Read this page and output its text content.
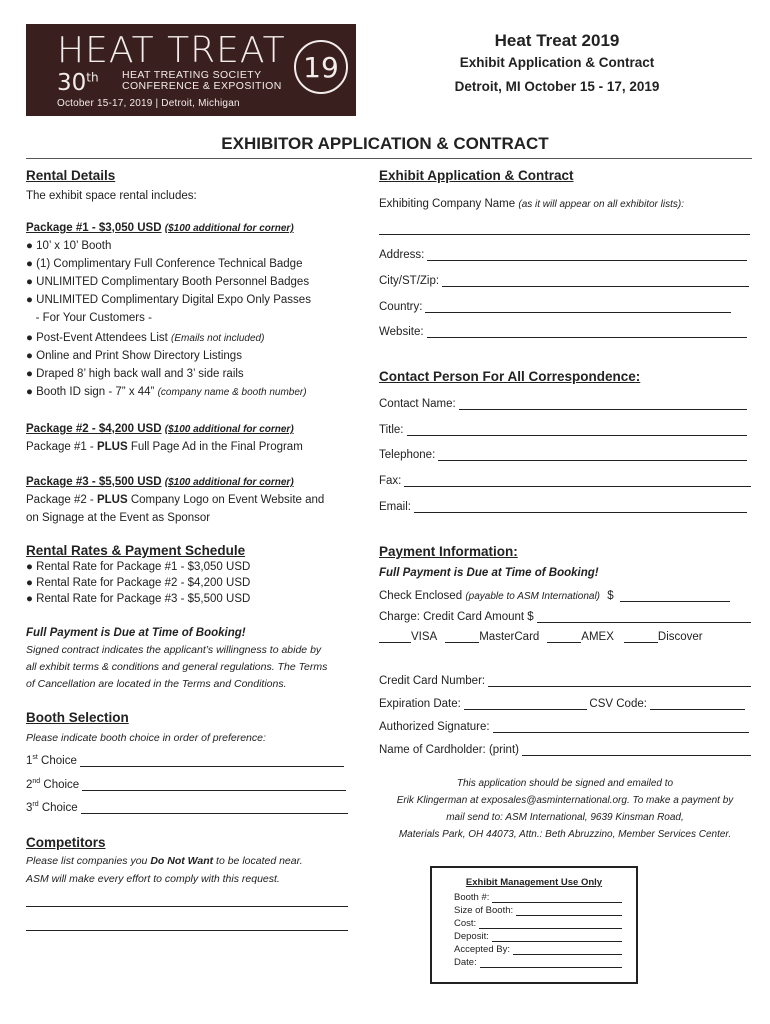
HEAT TREAT
30th HEAT TREATING SOCIETY
CONFERENCE & EXPOSITION
October 15-17, 2019 | Detroit, Michigan
19
Heat Treat 2019
Exhibit Application & Contract
Detroit, MI October 15 - 17, 2019
EXHIBITOR APPLICATION & CONTRACT
Rental Details
The exhibit space rental includes:
Package #1 - $3,050 USD ($100 additional for corner)
● 10’ x 10’ Booth
● (1) Complimentary Full Conference Technical Badge
● UNLIMITED Complimentary Booth Personnel Badges
● UNLIMITED Complimentary Digital Expo Only Passes
- For Your Customers -
● Post-Event Attendees List (Emails not included)
● Online and Print Show Directory Listings
● Draped 8’ high back wall and 3’ side rails
● Booth ID sign - 7” x 44” (company name & booth number)
Package #2 - $4,200 USD ($100 additional for corner)
Package #1 - PLUS Full Page Ad in the Final Program
Package #3 - $5,500 USD ($100 additional for corner)
Package #2 - PLUS Company Logo on Event Website and
on Signage at the Event as Sponsor
Rental Rates & Payment Schedule
● Rental Rate for Package #1 - $3,050 USD
● Rental Rate for Package #2 - $4,200 USD
● Rental Rate for Package #3 - $5,500 USD
Full Payment is Due at Time of Booking!
Signed contract indicates the applicant’s willingness to abide by
all exhibit terms & conditions and general regulations. The Terms
of Cancellation are located in the Terms and Conditions.
Booth Selection
Please indicate booth choice in order of preference:
1st Choice
2nd Choice
3rd Choice
Competitors
Please list companies you Do Not Want to be located near.
ASM will make every effort to comply with this request.
Exhibit Application & Contract
Exhibiting Company Name (as it will appear on all exhibitor lists):
Address:
City/ST/Zip:
Country:
Website:
Contact Person For All Correspondence:
Contact Name:
Title:
Telephone:
Fax:
Email:
Payment Information:
Full Payment is Due at Time of Booking!
Check Enclosed
(payable to ASM International)
$
Charge: Credit Card Amount $
VISA	MasterCard	AMEX	Discover
Credit Card Number:
Expiration Date:	CSV Code:
Authorized Signature:
Name of Cardholder: (print)
This application should be signed and emailed to
Erik Klingerman at exposales@asminternational.org. To make a payment by
mail send to: ASM International, 9639 Kinsman Road,
Materials Park, OH 44073, Attn.: Beth Abruzzino, Member Services Center.
Exhibit Management Use Only
Booth #:
Size of Booth:
Cost:
Deposit:
Accepted By:
Date:
